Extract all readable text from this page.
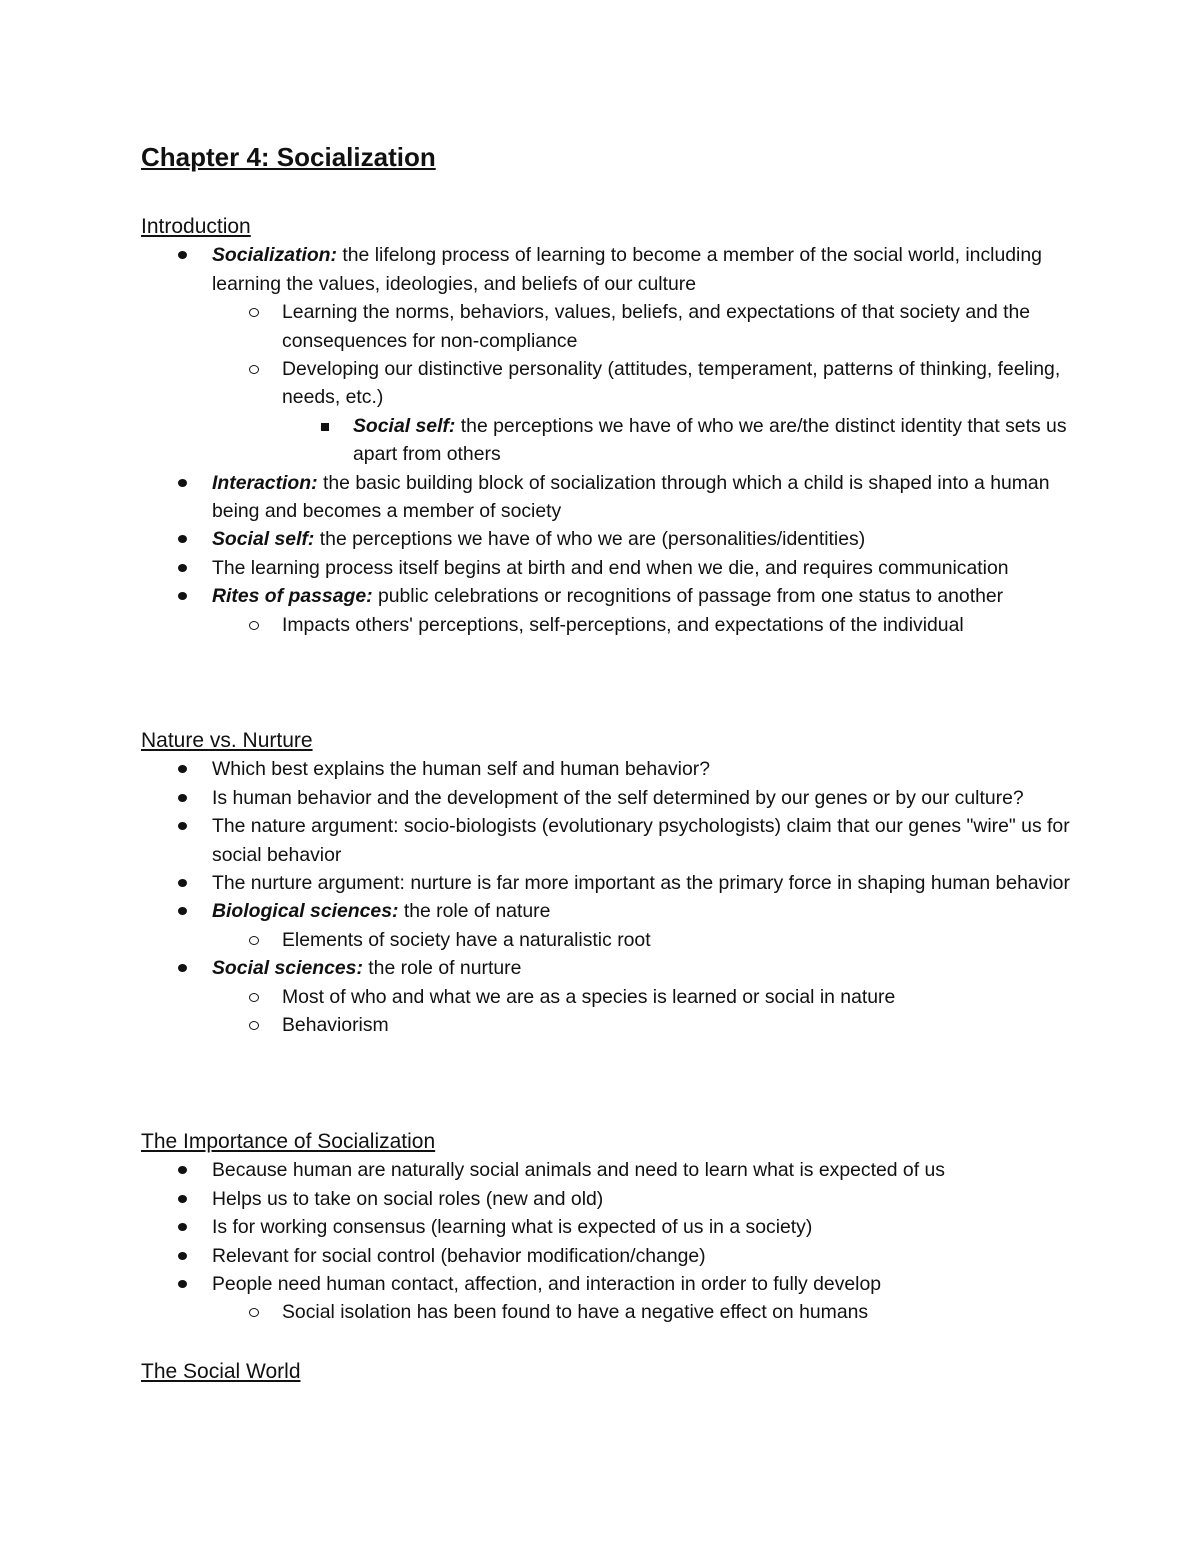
Chapter 4: Socialization
Introduction
Socialization: the lifelong process of learning to become a member of the social world, including learning the values, ideologies, and beliefs of our culture
Learning the norms, behaviors, values, beliefs, and expectations of that society and the consequences for non-compliance
Developing our distinctive personality (attitudes, temperament, patterns of thinking, feeling, needs, etc.)
Social self: the perceptions we have of who we are/the distinct identity that sets us apart from others
Interaction: the basic building block of socialization through which a child is shaped into a human being and becomes a member of society
Social self: the perceptions we have of who we are (personalities/identities)
The learning process itself begins at birth and end when we die, and requires communication
Rites of passage: public celebrations or recognitions of passage from one status to another
Impacts others' perceptions, self-perceptions, and expectations of the individual
Nature vs. Nurture
Which best explains the human self and human behavior?
Is human behavior and the development of the self determined by our genes or by our culture?
The nature argument: socio-biologists (evolutionary psychologists) claim that our genes "wire" us for social behavior
The nurture argument: nurture is far more important as the primary force in shaping human behavior
Biological sciences: the role of nature
Elements of society have a naturalistic root
Social sciences: the role of nurture
Most of who and what we are as a species is learned or social in nature
Behaviorism
The Importance of Socialization
Because human are naturally social animals and need to learn what is expected of us
Helps us to take on social roles (new and old)
Is for working consensus (learning what is expected of us in a society)
Relevant for social control (behavior modification/change)
People need human contact, affection, and interaction in order to fully develop
Social isolation has been found to have a negative effect on humans
The Social World
